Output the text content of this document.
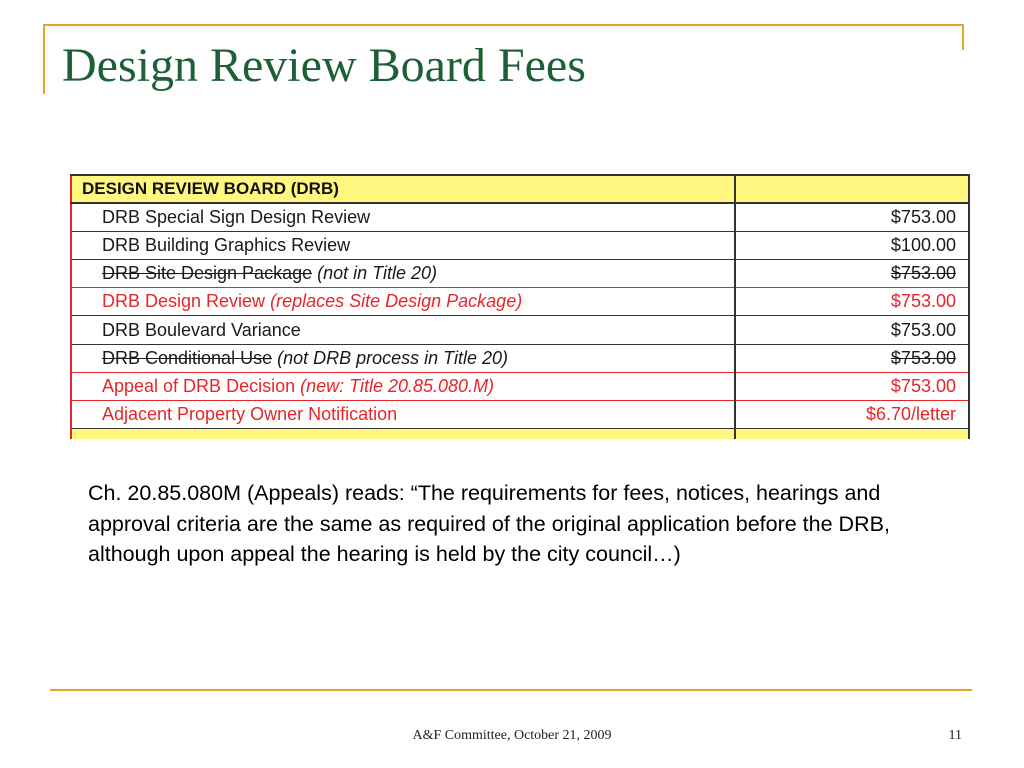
Design Review Board Fees
DESIGN REVIEW BOARD (DRB)	
DRB Special Sign Design Review	$753.00
DRB Building Graphics Review	$100.00
DRB Site Design Package (not in Title 20)	$753.00
DRB Design Review (replaces Site Design Package)	$753.00
DRB Boulevard Variance	$753.00
DRB Conditional Use (not DRB process in Title 20)	$753.00
Appeal of DRB Decision (new: Title 20.85.080.M)	$753.00
Adjacent Property Owner Notification	$6.70/letter

Ch. 20.85.080M (Appeals) reads: “The requirements for fees, notices, hearings and approval criteria are the same as required of the original application before the DRB, although upon appeal the hearing is held by the city council…)

A&F Committee, October 21, 2009	11
